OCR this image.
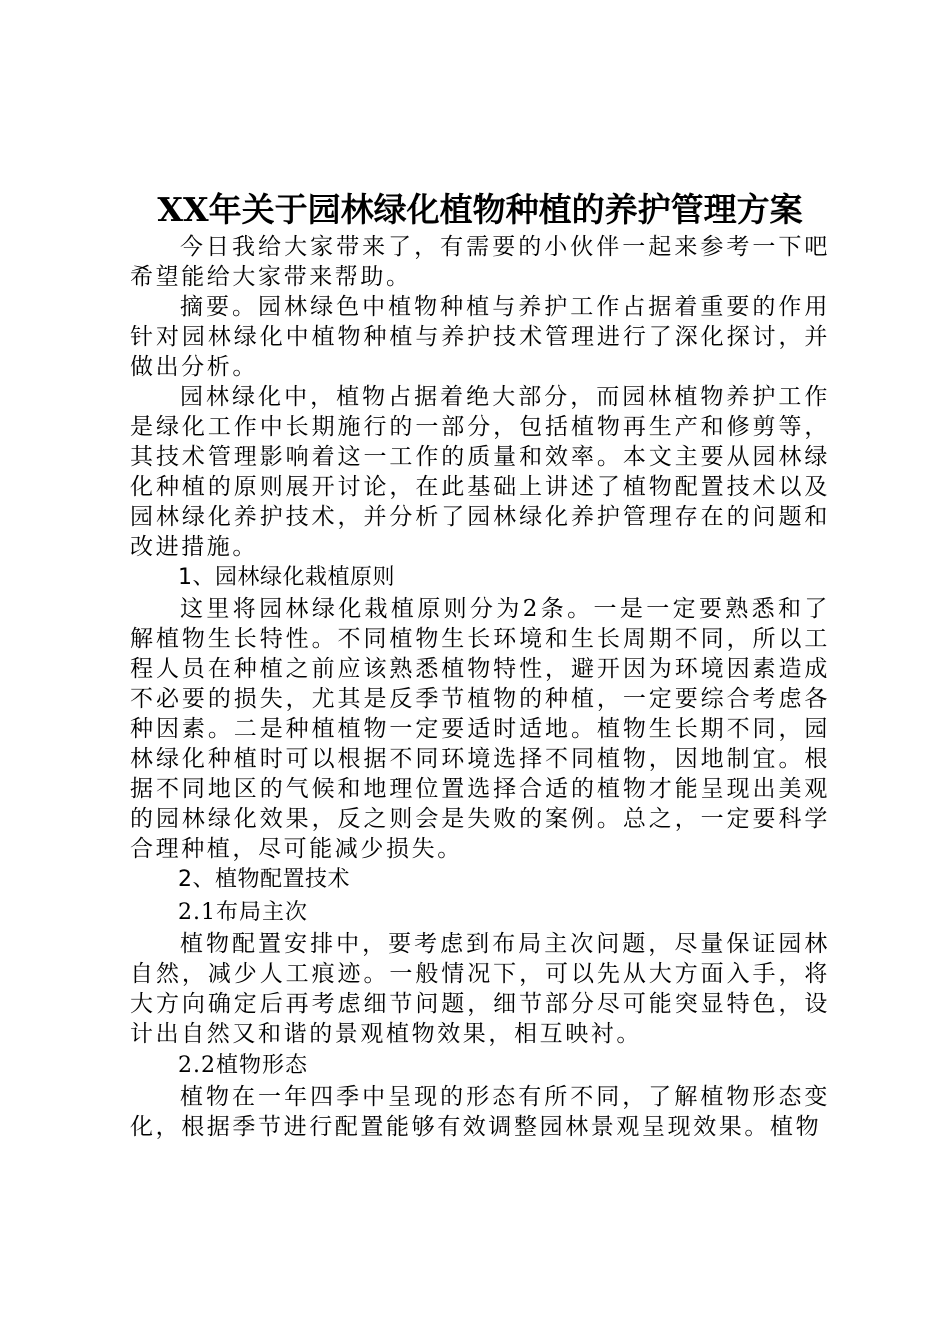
XX年关于园林绿化植物种植的养护管理方案

今日我给大家带来了，有需要的小伙伴一起来参考一下吧希望能给大家带来帮助。

摘要。园林绿色中植物种植与养护工作占据着重要的作用针对园林绿化中植物种植与养护技术管理进行了深化探讨，并做出分析。

园林绿化中，植物占据着绝大部分，而园林植物养护工作是绿化工作中长期施行的一部分，包括植物再生产和修剪等，其技术管理影响着这一工作的质量和效率。本文主要从园林绿化种植的原则展开讨论，在此基础上讲述了植物配置技术以及园林绿化养护技术，并分析了园林绿化养护管理存在的问题和改进措施。

1、园林绿化栽植原则

这里将园林绿化栽植原则分为2条。一是一定要熟悉和了解植物生长特性。不同植物生长环境和生长周期不同，所以工程人员在种植之前应该熟悉植物特性，避开因为环境因素造成不必要的损失，尤其是反季节植物的种植，一定要综合考虑各种因素。二是种植植物一定要适时适地。植物生长期不同，园林绿化种植时可以根据不同环境选择不同植物，因地制宜。根据不同地区的气候和地理位置选择合适的植物才能呈现出美观的园林绿化效果，反之则会是失败的案例。总之，一定要科学合理种植，尽可能减少损失。

2、植物配置技术

2.1布局主次

植物配置安排中，要考虑到布局主次问题，尽量保证园林自然，减少人工痕迹。一般情况下，可以先从大方面入手，将大方向确定后再考虑细节问题，细节部分尽可能突显特色，设计出自然又和谐的景观植物效果，相互映衬。

2.2植物形态

植物在一年四季中呈现的形态有所不同，了解植物形态变化，根据季节进行配置能够有效调整园林景观呈现效果。植物
